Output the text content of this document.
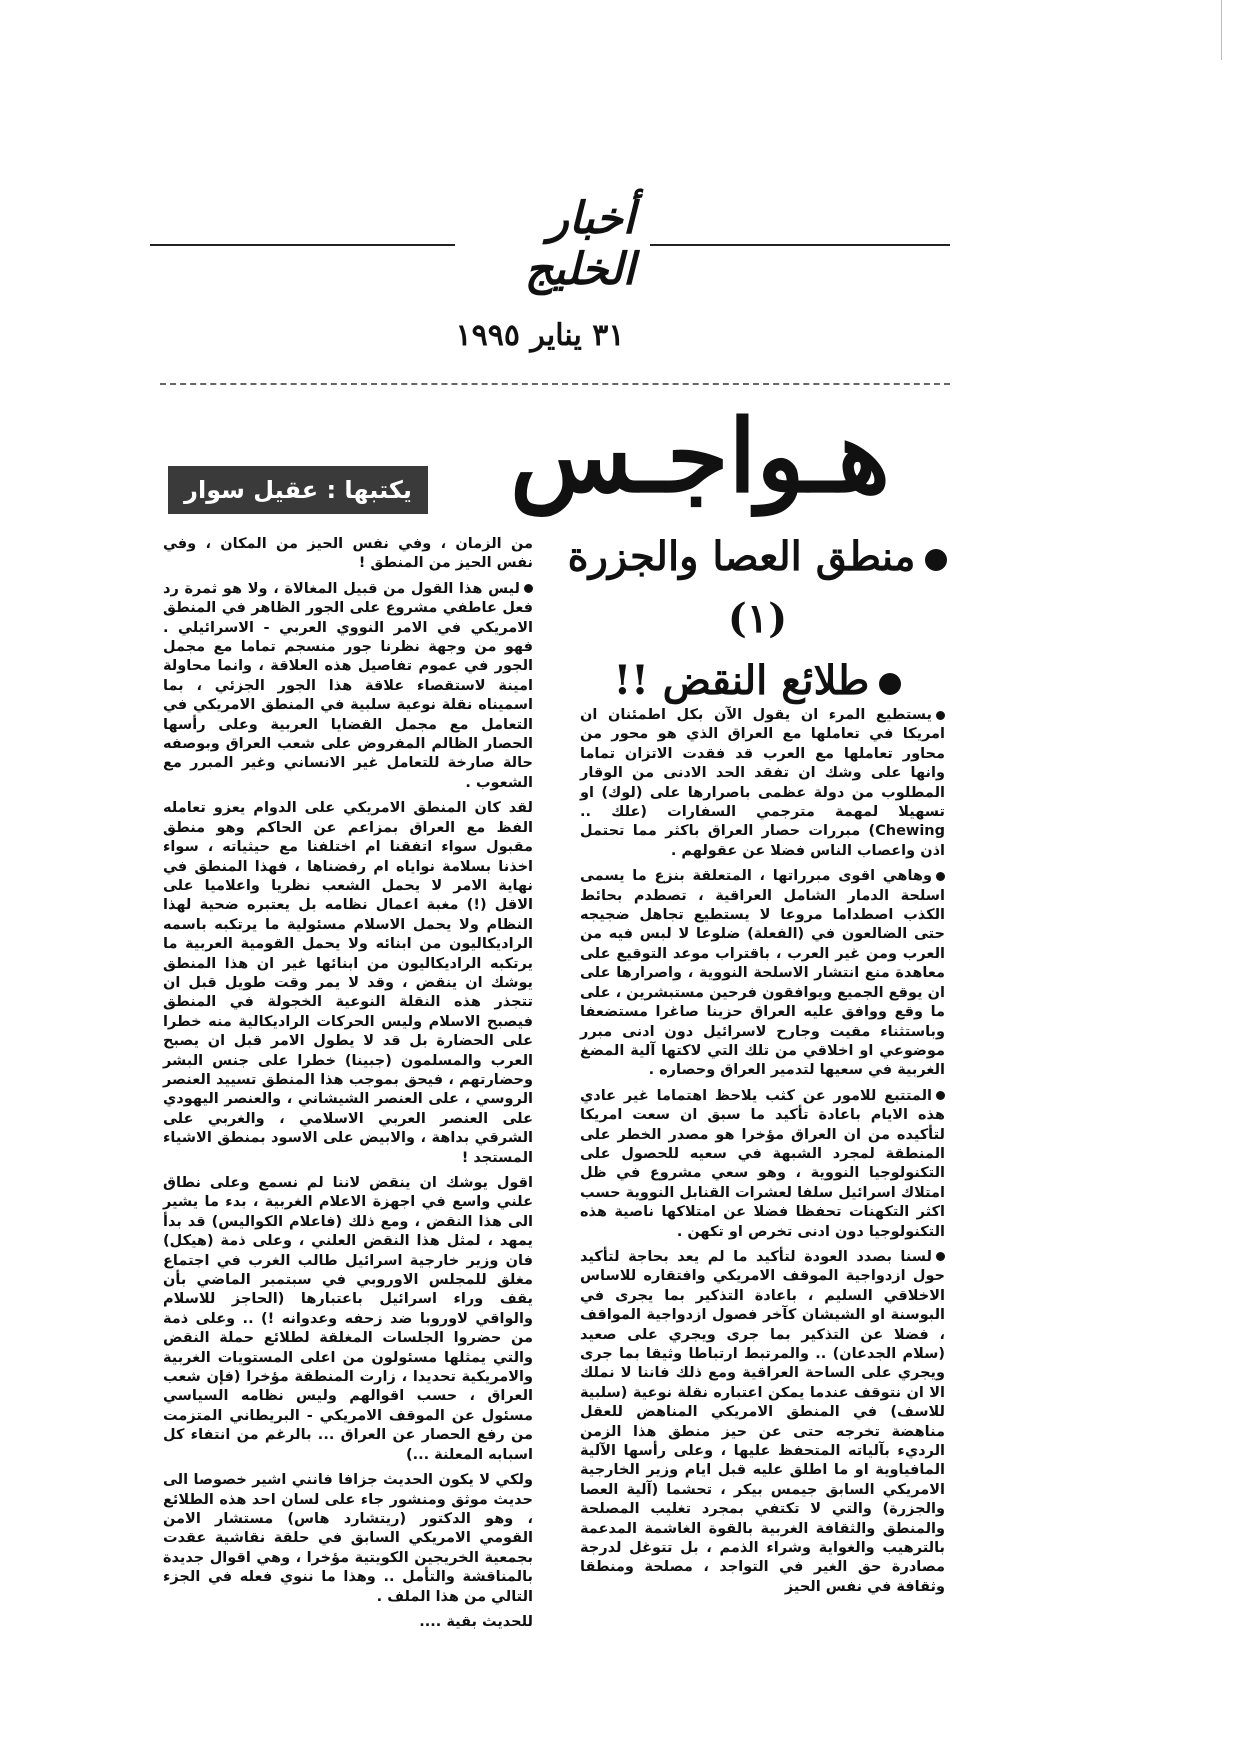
أخبار الخليج
٣١ يناير ١٩٩٥
هـواجـس
يكتبها : عقيل سوار
منطق العصا والجزرة
(١)
طلائع النقض !!

يستطيع المرء ان يقول الآن بكل اطمئنان ان امريكا في تعاملها مع العراق الذي هو محور من محاور تعاملها مع العرب قد فقدت الاتزان تماما وانها على وشك ان تفقد الحد الادنى من الوقار المطلوب من دولة عظمى باصرارها على (لوك) او تسهيلا لمهمة مترجمي السفارات (علك .. Chewing) مبررات حصار العراق باكثر مما تحتمل اذن واعصاب الناس فضلا عن عقولهم .

وهاهي اقوى مبرراتها ، المتعلقة بنزع ما يسمى اسلحة الدمار الشامل العراقية ، تصطدم بحائط الكذب اصطداما مروعا لا يستطيع تجاهل ضجيجه حتى الضالعون في (الفعلة) ضلوعا لا لبس فيه من العرب ومن غير العرب ، باقتراب موعد التوقيع على معاهدة منع انتشار الاسلحة النووية ، واصرارها على ان يوقع الجميع ويوافقون فرحين مستبشرين ، على ما وقع ووافق عليه العراق حزينا صاغرا مستضعفا وباستثناء مقيت وجارح لاسرائيل دون ادنى مبرر موضوعي او اخلاقي من تلك التي لاكتها آلية المضغ الغربية في سعيها لتدمير العراق وحصاره .

المتتبع للامور عن كثب يلاحظ اهتماما غير عادي هذه الايام باعادة تأكيد ما سبق ان سعت امريكا لتأكيده من ان العراق مؤخرا هو مصدر الخطر على المنطقة لمجرد الشبهة في سعيه للحصول على التكنولوجيا النووية ، وهو سعي مشروع في ظل امتلاك اسرائيل سلفا لعشرات القنابل النووية حسب اكثر التكهنات تحفظا فضلا عن امتلاكها ناصية هذه التكنولوجيا دون ادنى تخرص او تكهن .

لسنا بصدد العودة لتأكيد ما لم يعد بحاجة لتأكيد حول ازدواجية الموقف الامريكي وافتقاره للاساس الاخلاقي السليم ، باعادة التذكير بما يجرى في البوسنة او الشيشان كآخر فصول ازدواجية المواقف ، فضلا عن التذكير بما جرى ويجري على صعيد (سلام الجدعان) .. والمرتبط ارتباطا وثيقا بما جرى ويجري على الساحة العراقية ومع ذلك فاننا لا نملك الا ان نتوقف عندما يمكن اعتباره نقلة نوعية (سلبية للاسف) في المنطق الامريكي المناهض للعقل مناهضة تخرجه حتى عن حيز منطق هذا الزمن الرديء بآلياته المتحفظ عليها ، وعلى رأسها الآلية المافياوية او ما اطلق عليه قبل ايام وزير الخارجية الامريكي السابق جيمس بيكر ، تحشما (آلية العصا والجزرة) والتي لا تكتفي بمجرد تغليب المصلحة والمنطق والثقافة الغربية بالقوة الغاشمة المدعمة بالترهيب والغواية وشراء الذمم ، بل تتوغل لدرجة مصادرة حق الغير في التواجد ، مصلحة ومنطقا وثقافة في نفس الحيز

من الزمان ، وفي نفس الحيز من المكان ، وفي نفس الحيز من المنطق !

ليس هذا القول من قبيل المغالاة ، ولا هو ثمرة رد فعل عاطفي مشروع على الجور الظاهر في المنطق الامريكي في الامر النووي العربي - الاسرائيلي . فهو من وجهة نظرنا جور منسجم تماما مع مجمل الجور في عموم تفاصيل هذه العلاقة ، وانما محاولة امينة لاستقصاء علاقة هذا الجور الجزئي ، بما اسميناه نقلة نوعية سلبية في المنطق الامريكي في التعامل مع مجمل القضايا العربية وعلى رأسها الحصار الظالم المفروض على شعب العراق وبوصفه حالة صارخة للتعامل غير الانساني وغير المبرر مع الشعوب .

لقد كان المنطق الامريكي على الدوام يعزو تعامله الفظ مع العراق بمزاعم عن الحاكم وهو منطق مقبول سواء اتفقنا ام اختلفنا مع حيثياته ، سواء اخذنا بسلامة نواياه ام رفضناها ، فهذا المنطق في نهاية الامر لا يحمل الشعب نظريا واعلاميا على الاقل (!) مغبة اعمال نظامه بل يعتبره ضحية لهذا النظام ولا يحمل الاسلام مسئولية ما يرتكبه باسمه الراديكاليون من ابنائه ولا يحمل القومية العربية ما يرتكبه الراديكاليون من ابنائها غير ان هذا المنطق يوشك ان ينقض ، وقد لا يمر وقت طويل قبل ان تتجذر هذه النقلة النوعية الخجولة في المنطق فيصبح الاسلام وليس الحركات الراديكالية منه خطرا على الحضارة بل قد لا يطول الامر قبل ان يصبح العرب والمسلمون (جبينا) خطرا على جنس البشر وحضارتهم ، فيحق بموجب هذا المنطق تسييد العنصر الروسي ، على العنصر الشيشاني ، والعنصر اليهودي على العنصر العربي الاسلامي ، والغربي على الشرقي بداهة ، والابيض على الاسود بمنطق الاشياء المستجد !

اقول يوشك ان ينقض لاننا لم نسمع وعلى نطاق علني واسع في اجهزة الاعلام الغربية ، بدء ما يشير الى هذا النقض ، ومع ذلك (فاعلام الكواليس) قد بدأ يمهد ، لمثل هذا النقض العلني ، وعلى ذمة (هيكل) فان وزير خارجية اسرائيل طالب الغرب في اجتماع مغلق للمجلس الاوروبي في سبتمبر الماضي بأن يقف وراء اسرائيل باعتبارها (الحاجز للاسلام والواقي لاوروبا ضد زحفه وعدوانه !) .. وعلى ذمة من حضروا الجلسات المغلقة لطلائع حملة النقض والتي يمثلها مسئولون من اعلى المستويات الغربية والامريكية تحديدا ، زارت المنطقة مؤخرا (فإن شعب العراق ، حسب اقوالهم وليس نظامه السياسي مسئول عن الموقف الامريكي - البريطاني المتزمت من رفع الحصار عن العراق ... بالرغم من انتفاء كل اسبابه المعلنة ...)

ولكي لا يكون الحديث جزافا فانني اشير خصوصا الى حديث موثق ومنشور جاء على لسان احد هذه الطلائع ، وهو الدكتور (ريتشارد هاس) مستشار الامن القومي الامريكي السابق في حلقة نقاشية عقدت بجمعية الخريجين الكويتية مؤخرا ، وهي اقوال جديدة بالمناقشة والتأمل .. وهذا ما ننوي فعله في الجزء التالي من هذا الملف .

للحديث بقية ....
